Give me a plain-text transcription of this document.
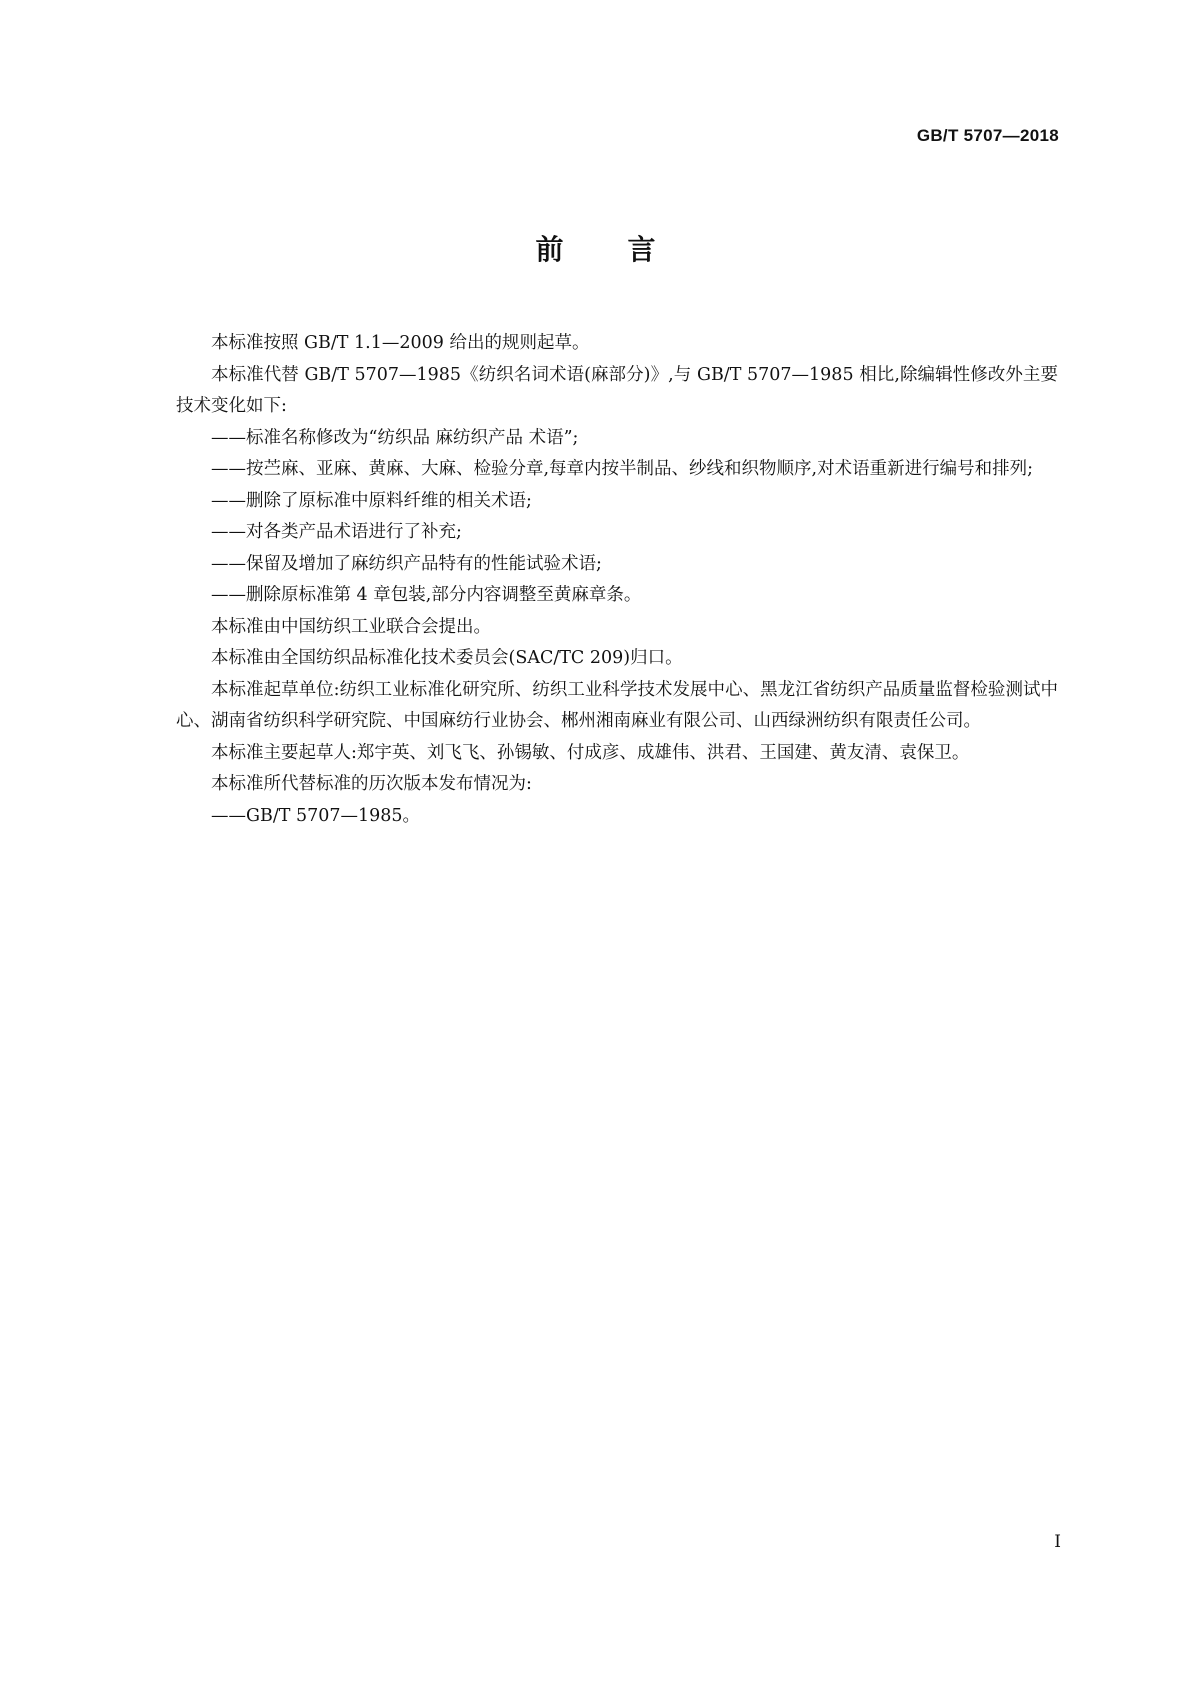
GB/T 5707—2018
前言

本标准按照 GB/T 1.1—2009 给出的规则起草。

本标准代替 GB/T 5707—1985《纺织名词术语(麻部分)》,与 GB/T 5707—1985 相比,除编辑性修改外主要技术变化如下:

——标准名称修改为“纺织品 麻纺织产品 术语”;

——按苎麻、亚麻、黄麻、大麻、检验分章,每章内按半制品、纱线和织物顺序,对术语重新进行编号和排列;

——删除了原标准中原料纤维的相关术语;

——对各类产品术语进行了补充;

——保留及增加了麻纺织产品特有的性能试验术语;

——删除原标准第 4 章包装,部分内容调整至黄麻章条。

本标准由中国纺织工业联合会提出。

本标准由全国纺织品标准化技术委员会(SAC/TC 209)归口。

本标准起草单位:纺织工业标准化研究所、纺织工业科学技术发展中心、黑龙江省纺织产品质量监督检验测试中心、湖南省纺织科学研究院、中国麻纺行业协会、郴州湘南麻业有限公司、山西绿洲纺织有限责任公司。

本标准主要起草人:郑宇英、刘飞飞、孙锡敏、付成彦、成雄伟、洪君、王国建、黄友清、袁保卫。

本标准所代替标准的历次版本发布情况为:

——GB/T 5707—1985。

I
